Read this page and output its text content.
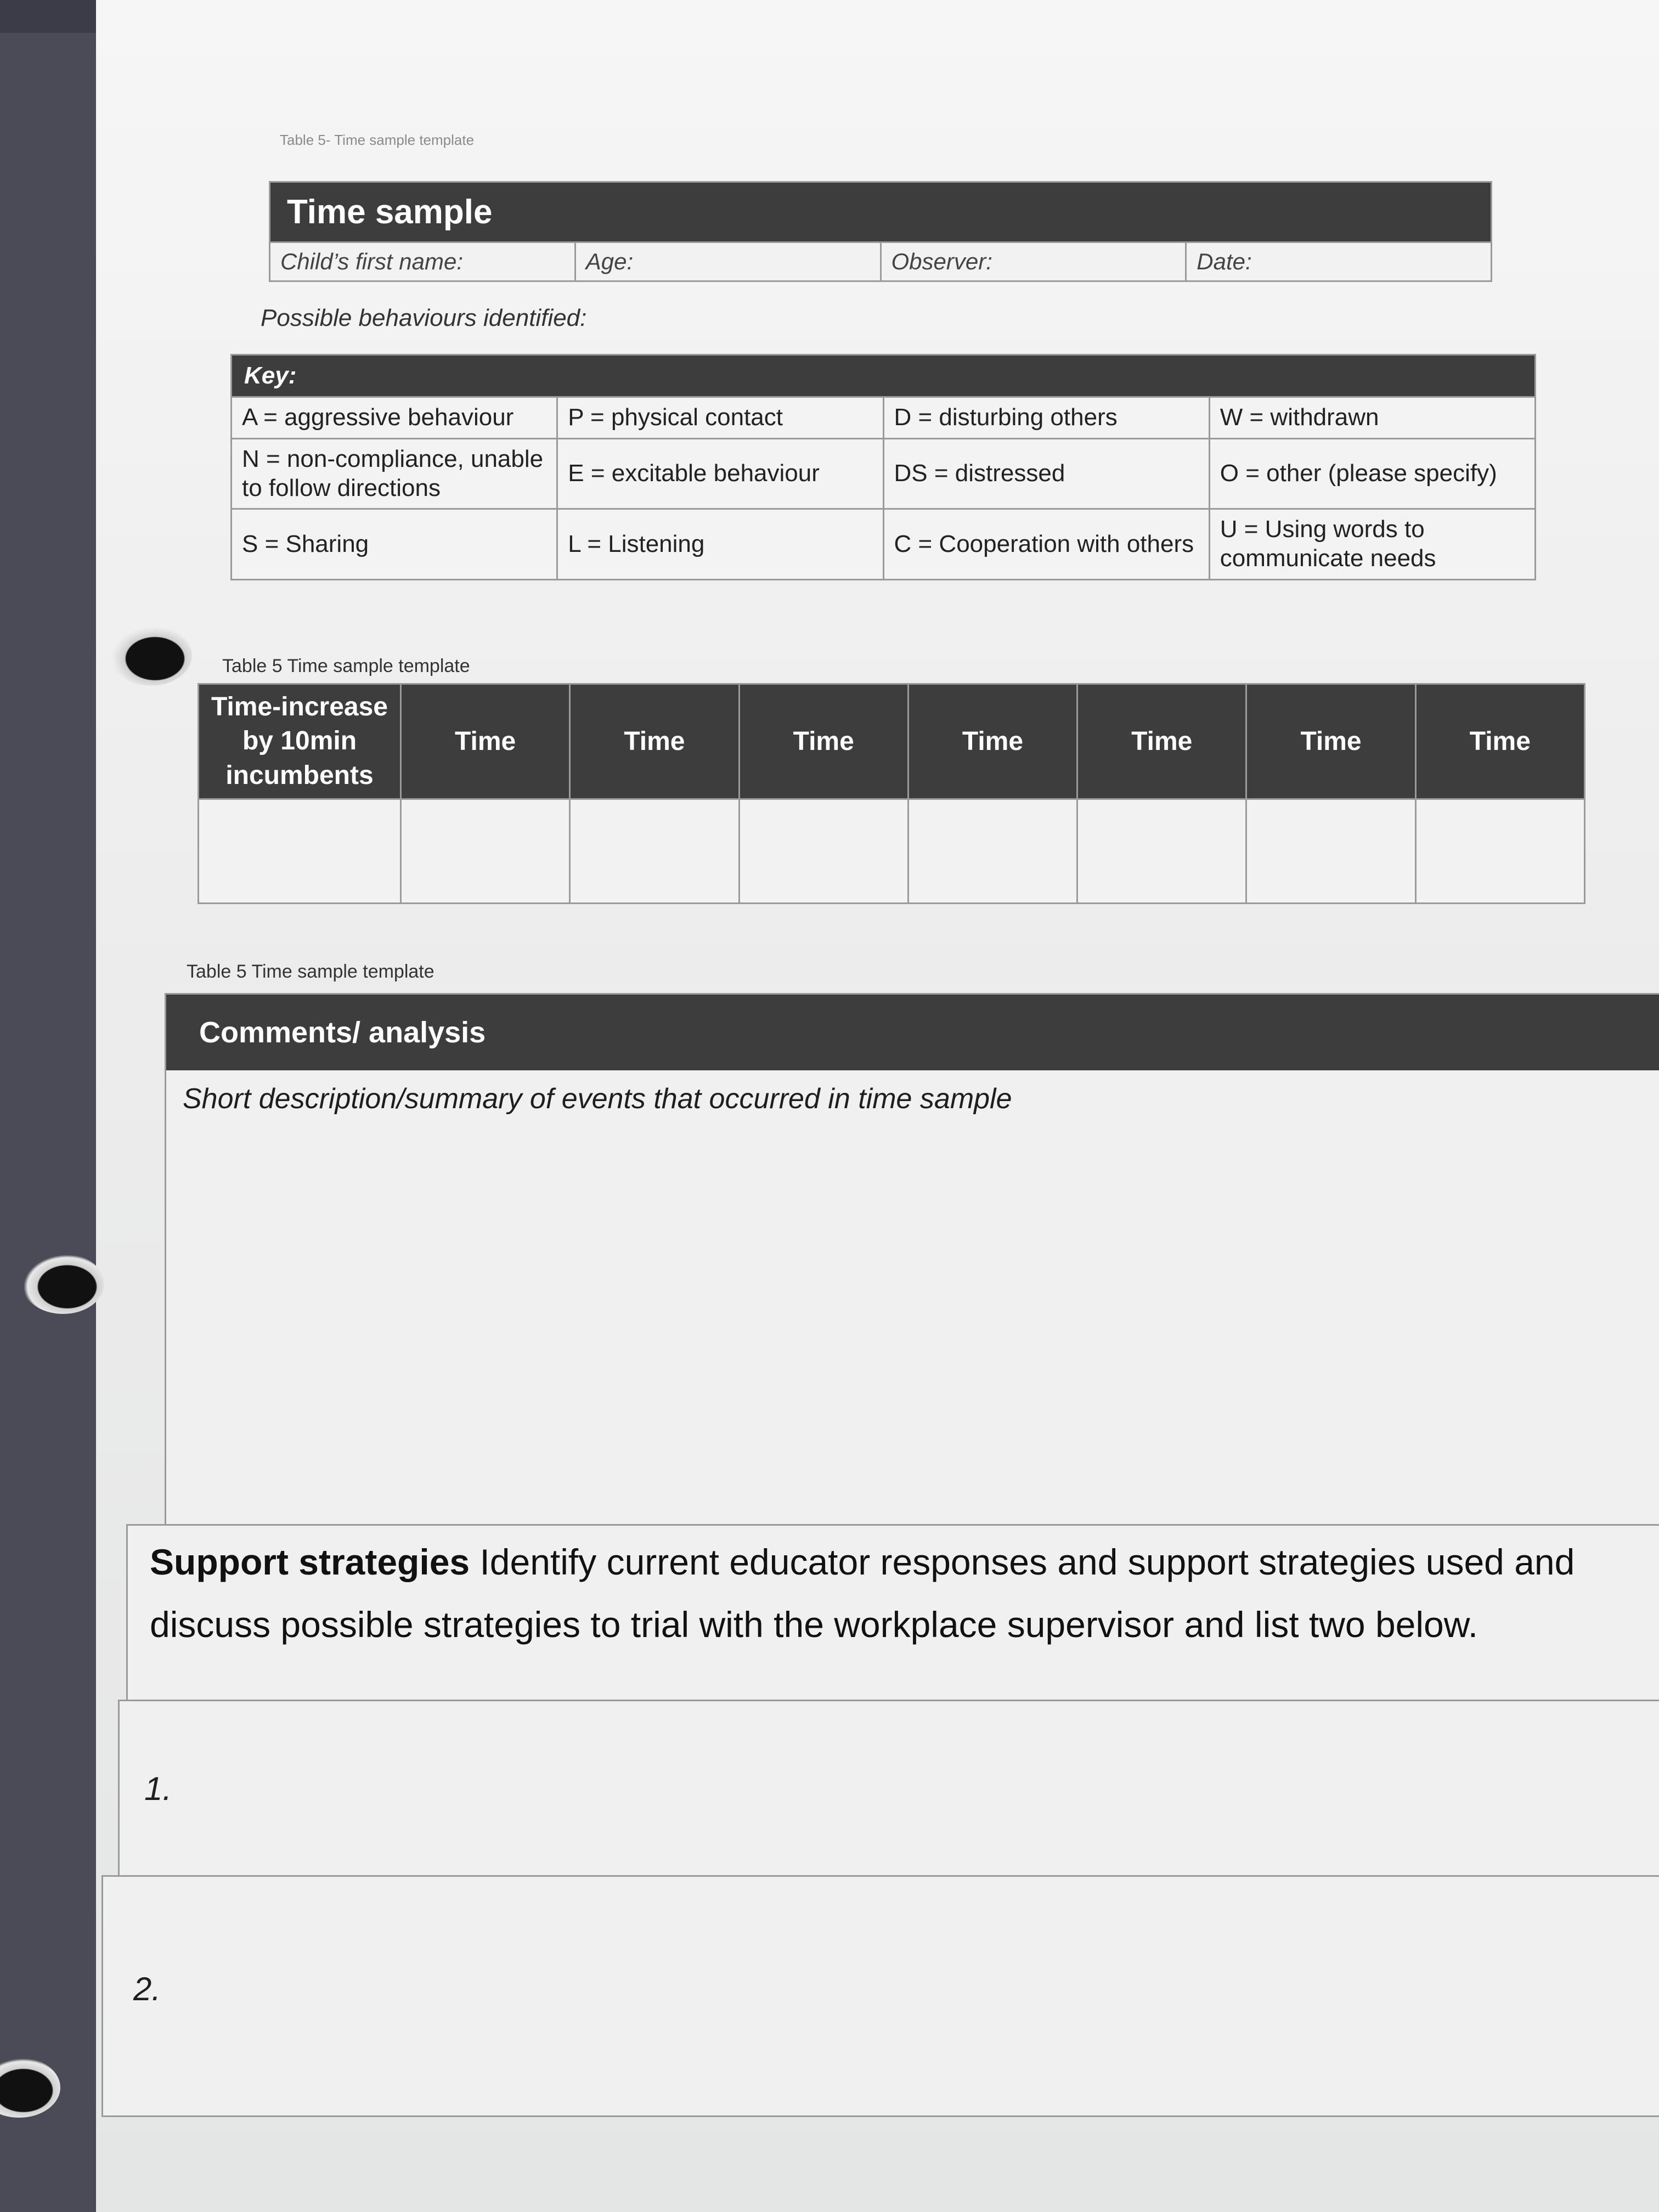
Table 5- Time sample template
Time sample
Child’s first name:	Age:	Observer:	Date:
Possible behaviours identified:
Key:			
A = aggressive behaviour	P = physical contact	D = disturbing others	W = withdrawn
N = non-compliance, unable to follow directions	E = excitable behaviour	DS = distressed	O = other (please specify)
S = Sharing	L = Listening	C = Cooperation with others	U = Using words to communicate needs
Table 5 Time sample template
Time-increase by 10min incumbents	Time	Time	Time	Time	Time	Time	Time

Table 5 Time sample template
Comments/ analysis
Short description/summary of events that occurred in time sample
Support strategies Identify current educator responses and support strategies used and discuss possible strategies to trial with the workplace supervisor and list two below.
1.
2.
